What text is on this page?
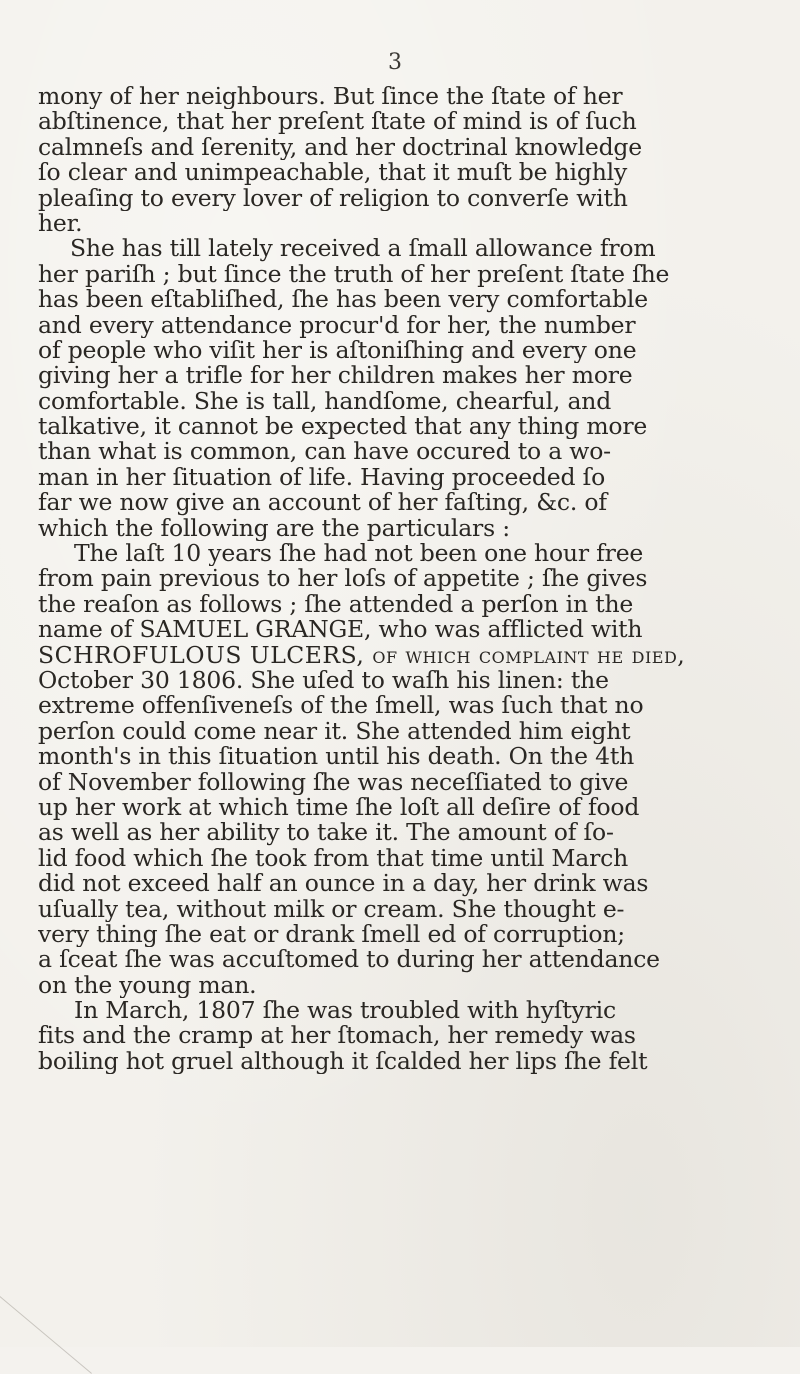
3
mony of her neighbours. But ſince the ſtate of her
abſtinence, that her preſent ſtate of mind is of ſuch
calmneſs and ſerenity, and her doctrinal knowledge
ſo clear and unimpeachable, that it muſt be highly
pleaſing to every lover of religion to converſe with
her.
She has till lately received a ſmall allowance from
her pariſh ; but ſince the truth of her preſent ſtate ſhe
has been eſtabliſhed, ſhe has been very comfortable
and every attendance procur'd for her, the number
of people who viſit her is aſtoniſhing and every one
giving her a trifle for her children makes her more
comfortable. She is tall, handſome, chearful, and
talkative, it cannot be expected that any thing more
than what is common, can have occured to a wo-
man in her ſituation of life. Having proceeded ſo
far we now give an account of her faſting, &c. of
which the following are the particulars :
The laſt 10 years ſhe had not been one hour free
from pain previous to her loſs of appetite ; ſhe gives
the reaſon as follows ; ſhe attended a perſon in the
name of SAMUEL GRANGE, who was afflicted with
SCHROFULOUS ULCERS, of which complaint he died,
October 30 1806. She uſed to waſh his linen: the
extreme offenſiveneſs of the ſmell, was ſuch that no
perſon could come near it. She attended him eight
month's in this ſituation until his death. On the 4th
of November following ſhe was neceſſiated to give
up her work at which time ſhe loſt all deſire of food
as well as her ability to take it. The amount of ſo-
lid food which ſhe took from that time until March
did not exceed half an ounce in a day, her drink was
uſually tea, without milk or cream. She thought e-
very thing ſhe eat or drank ſmell ed of corruption;
a ſceat ſhe was accuſtomed to during her attendance
on the young man.
In March, 1807 ſhe was troubled with hyſtyric
fits and the cramp at her ſtomach, her remedy was
boiling hot gruel although it ſcalded her lips ſhe felt
